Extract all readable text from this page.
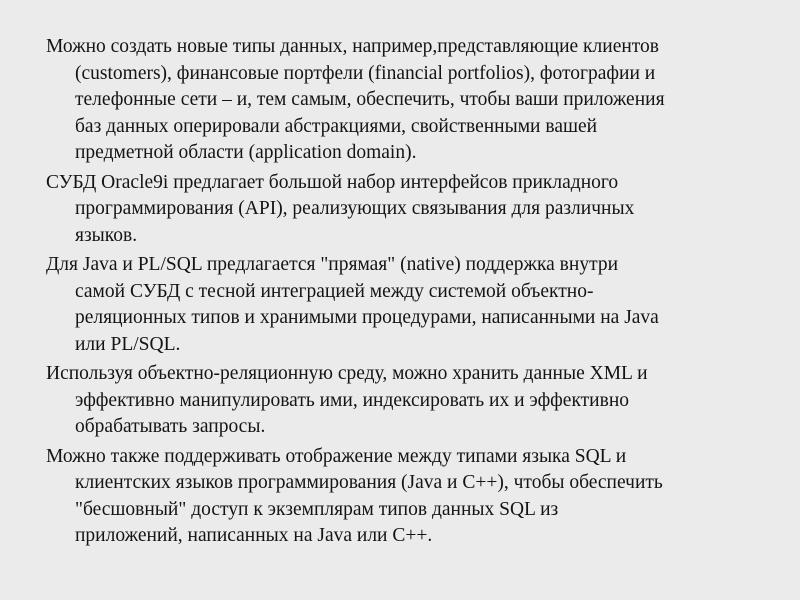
Можно создать новые типы данных, например,представляющие клиентов
(customers), финансовые портфели (financial portfolios), фотографии и
телефонные сети – и, тем самым, обеспечить, чтобы ваши приложения
баз данных оперировали абстракциями, свойственными вашей
предметной области (application domain).

СУБД Oracle9i предлагает большой набор интерфейсов прикладного
программирования (API), реализующих связывания для различных
языков.

Для Java и PL/SQL предлагается "прямая" (native) поддержка внутри
самой СУБД с тесной интеграцией между системой объектно-
реляционных типов и хранимыми процедурами, написанными на Java
или PL/SQL.

Используя объектно-реляционную среду, можно хранить данные XML и
эффективно манипулировать ими, индексировать их и эффективно
обрабатывать запросы.

Можно также поддерживать отображение между типами языка SQL и
клиентских языков программирования (Java и C++), чтобы обеспечить
"бесшовный" доступ к экземплярам типов данных SQL из
приложений, написанных на Java или C++.
